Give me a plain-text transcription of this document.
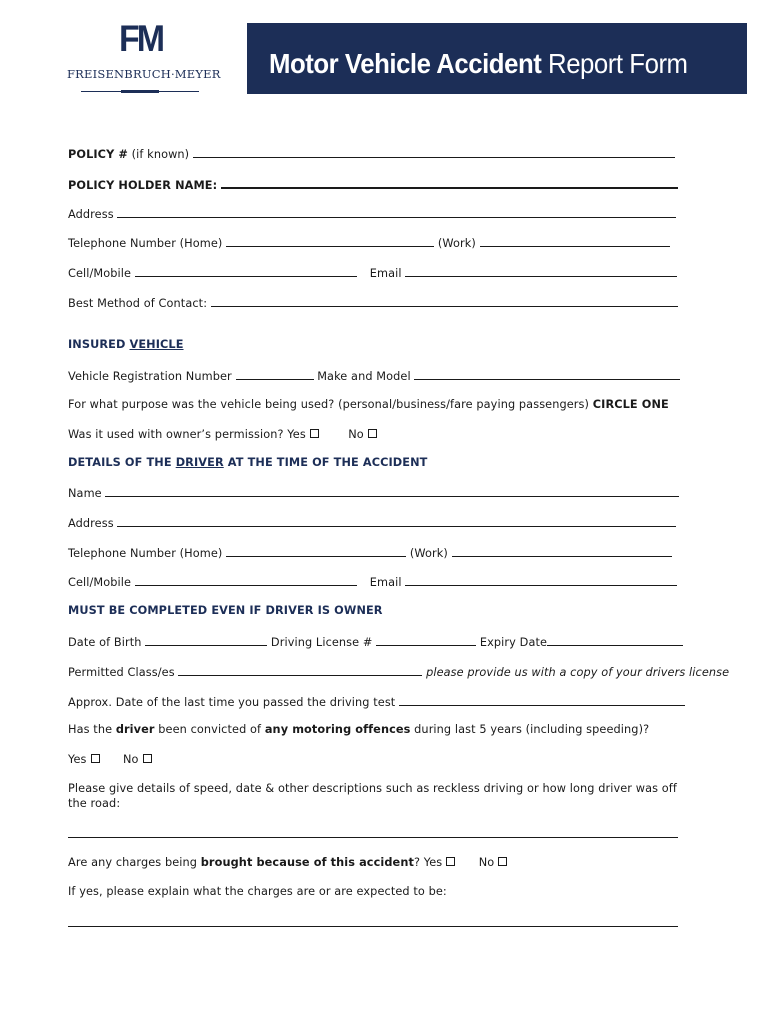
FM
FREISENBRUCH·MEYER Motor Vehicle Accident Report Form
POLICY # (if known)
POLICY HOLDER NAME:
Address
Telephone Number (Home)	(Work)
Cell/Mobile	Email
Best Method of Contact:
INSURED VEHICLE
Vehicle Registration Number	Make and Model
For what purpose was the vehicle being used? (personal/business/fare paying passengers) CIRCLE ONE
Was it used with owner’s permission? Yes	No
DETAILS OF THE DRIVER AT THE TIME OF THE ACCIDENT
Name
Address
Telephone Number (Home)	(Work)
Cell/Mobile	Email
MUST BE COMPLETED EVEN IF DRIVER IS OWNER
Date of Birth	Driving License #	Expiry Date
Permitted Class/es	please provide us with a copy of your drivers license
Approx. Date of the last time you passed the driving test
Has the driver been convicted of any motoring offences during last 5 years (including speeding)?
Yes	No
Please give details of speed, date & other descriptions such as reckless driving or how long driver was off
the road:
Are any charges being brought because of this accident? Yes	No
If yes, please explain what the charges are or are expected to be:
